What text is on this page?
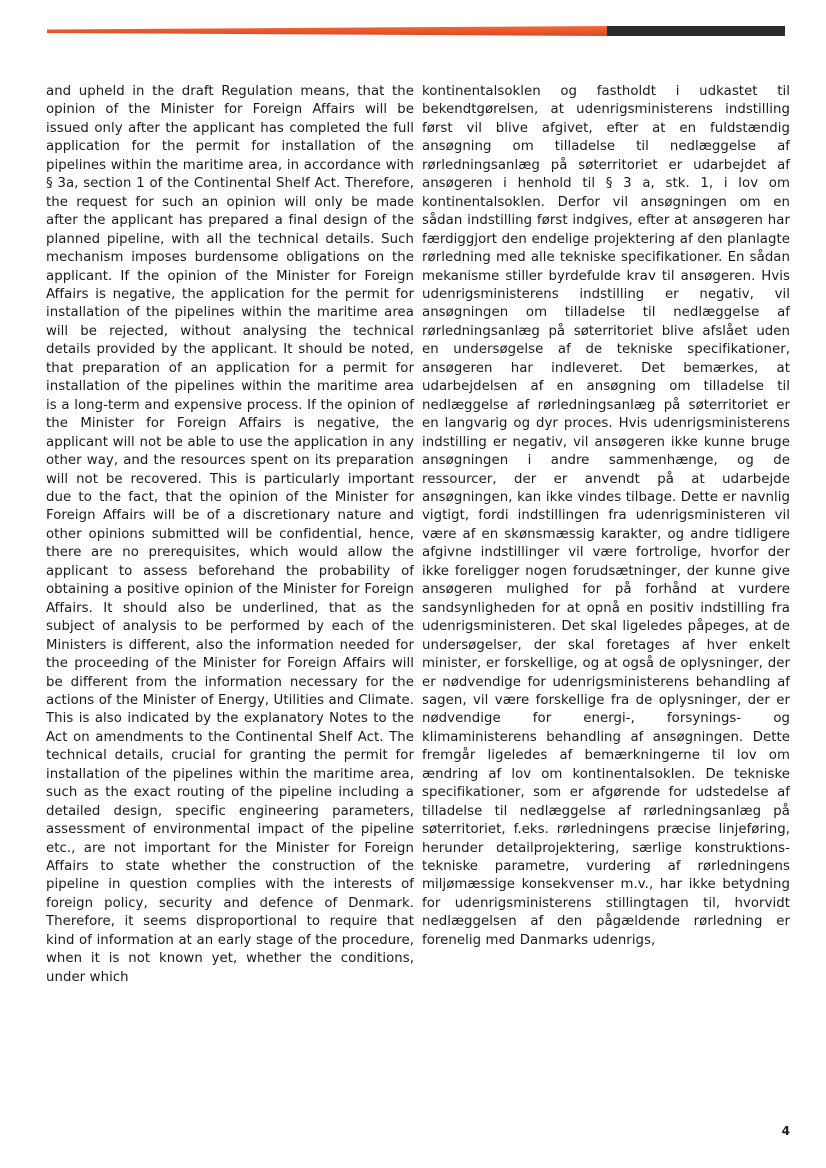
and upheld in the draft Regulation means, that the opinion of the Minister for Foreign Affairs will be issued only after the applicant has completed the full application for the permit for installation of the pipelines within the maritime area, in accordance with § 3a, section 1 of the Continental Shelf Act. Therefore, the request for such an opinion will only be made after the applicant has prepared a final design of the planned pipeline, with all the technical details. Such mechanism imposes burdensome obligations on the applicant. If the opinion of the Minister for Foreign Affairs is negative, the application for the permit for installation of the pipelines within the maritime area will be rejected, without analysing the technical details provided by the applicant. It should be noted, that preparation of an application for a permit for installation of the pipelines within the maritime area is a long-term and expensive process. If the opinion of the Minister for Foreign Affairs is negative, the applicant will not be able to use the application in any other way, and the resources spent on its preparation will not be recovered. This is particularly important due to the fact, that the opinion of the Minister for Foreign Affairs will be of a discretionary nature and other opinions submitted will be confidential, hence, there are no prerequisites, which would allow the applicant to assess beforehand the probability of obtaining a positive opinion of the Minister for Foreign Affairs. It should also be underlined, that as the subject of analysis to be performed by each of the Ministers is different, also the information needed for the proceeding of the Minister for Foreign Affairs will be different from the information necessary for the actions of the Minister of Energy, Utilities and Climate. This is also indicated by the explanatory Notes to the Act on amendments to the Continental Shelf Act. The technical details, crucial for granting the permit for installation of the pipelines within the maritime area, such as the exact routing of the pipeline including a detailed design, specific engineering parameters, assessment of environmental impact of the pipeline etc., are not important for the Minister for Foreign Affairs to state whether the construction of the pipeline in question complies with the interests of foreign policy, security and defence of Denmark. Therefore, it seems disproportional to require that kind of information at an early stage of the procedure, when it is not known yet, whether the conditions, under which

kontinentalsoklen og fastholdt i udkastet til bekendtgørelsen, at udenrigsministerens indstilling først vil blive afgivet, efter at en fuldstændig ansøgning om tilladelse til nedlæggelse af rørledningsanlæg på søterritoriet er udarbejdet af ansøgeren i henhold til § 3 a, stk. 1, i lov om kontinentalsoklen. Derfor vil ansøgningen om en sådan indstilling først indgives, efter at ansøgeren har færdiggjort den endelige projektering af den planlagte rørledning med alle tekniske specifikationer. En sådan mekanisme stiller byrdefulde krav til ansøgeren. Hvis udenrigsministerens indstilling er negativ, vil ansøgningen om tilladelse til nedlæggelse af rørledningsanlæg på søterritoriet blive afslået uden en undersøgelse af de tekniske specifikationer, ansøgeren har indleveret. Det bemærkes, at udarbejdelsen af en ansøgning om tilladelse til nedlæggelse af rørledningsanlæg på søterritoriet er en langvarig og dyr proces. Hvis udenrigsministerens indstilling er negativ, vil ansøgeren ikke kunne bruge ansøgningen i andre sammenhænge, og de ressourcer, der er anvendt på at udarbejde ansøgningen, kan ikke vindes tilbage. Dette er navnlig vigtigt, fordi indstillingen fra udenrigsministeren vil være af en skønsmæssig karakter, og andre tidligere afgivne indstillinger vil være fortrolige, hvorfor der ikke foreligger nogen forudsætninger, der kunne give ansøgeren mulighed for på forhånd at vurdere sandsynligheden for at opnå en positiv indstilling fra udenrigsministeren. Det skal ligeledes påpeges, at de undersøgelser, der skal foretages af hver enkelt minister, er forskellige, og at også de oplysninger, der er nødvendige for udenrigsministerens behandling af sagen, vil være forskellige fra de oplysninger, der er nødvendige for energi-, forsynings- og klimaministerens behandling af ansøgningen. Dette fremgår ligeledes af bemærkningerne til lov om ændring af lov om kontinentalsoklen. De tekniske specifikationer, som er afgørende for udstedelse af tilladelse til nedlæggelse af rørledningsanlæg på søterritoriet, f.eks. rørledningens præcise linjeføring, herunder detailprojektering, særlige konstruktions-tekniske parametre, vurdering af rørledningens miljømæssige konsekvenser m.v., har ikke betydning for udenrigsministerens stillingtagen til, hvorvidt nedlæggelsen af den pågældende rørledning er forenelig med Danmarks udenrigs,

4
